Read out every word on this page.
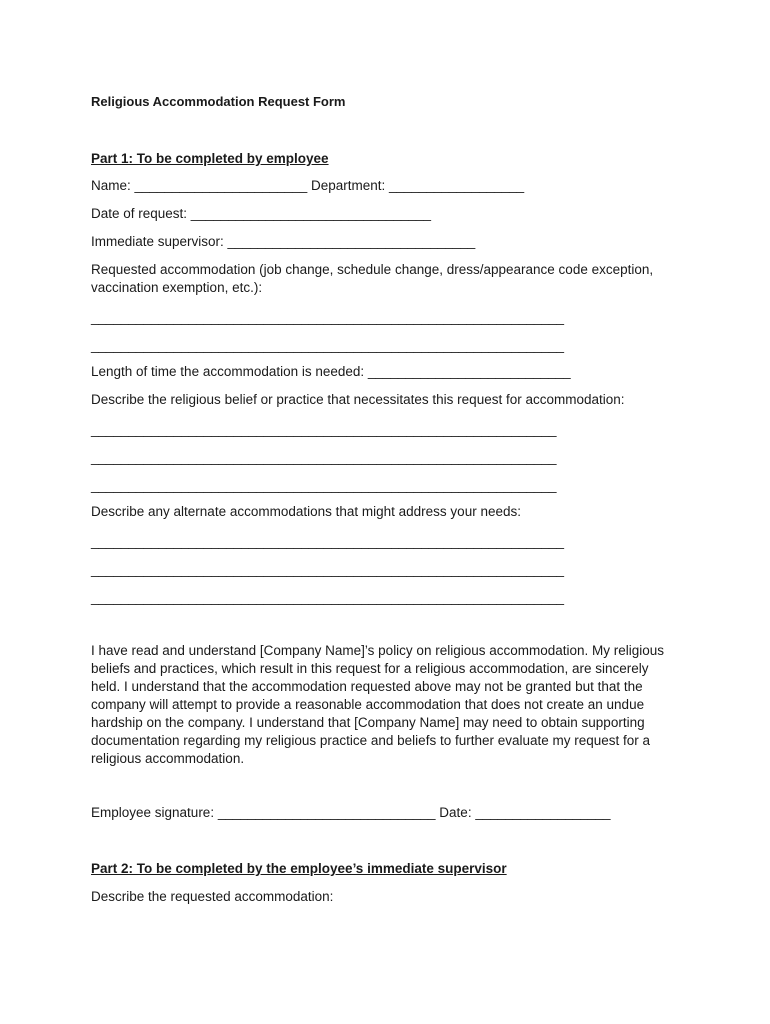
Religious Accommodation Request Form
Part 1: To be completed by employee
Name: _______________________ Department: __________________
Date of request: ________________________________
Immediate supervisor: _________________________________
Requested accommodation (job change, schedule change, dress/appearance code exception,
vaccination exemption, etc.):
_______________________________________________________________
_______________________________________________________________
Length of time the accommodation is needed: ___________________________
Describe the religious belief or practice that necessitates this request for accommodation:
______________________________________________________________
______________________________________________________________
______________________________________________________________
Describe any alternate accommodations that might address your needs:
_______________________________________________________________
_______________________________________________________________
_______________________________________________________________
I have read and understand [Company Name]’s policy on religious accommodation. My religious
beliefs and practices, which result in this request for a religious accommodation, are sincerely
held. I understand that the accommodation requested above may not be granted but that the
company will attempt to provide a reasonable accommodation that does not create an undue
hardship on the company. I understand that [Company Name] may need to obtain supporting
documentation regarding my religious practice and beliefs to further evaluate my request for a
religious accommodation.
Employee signature: _____________________________ Date: __________________
Part 2: To be completed by the employee’s immediate supervisor
Describe the requested accommodation:
